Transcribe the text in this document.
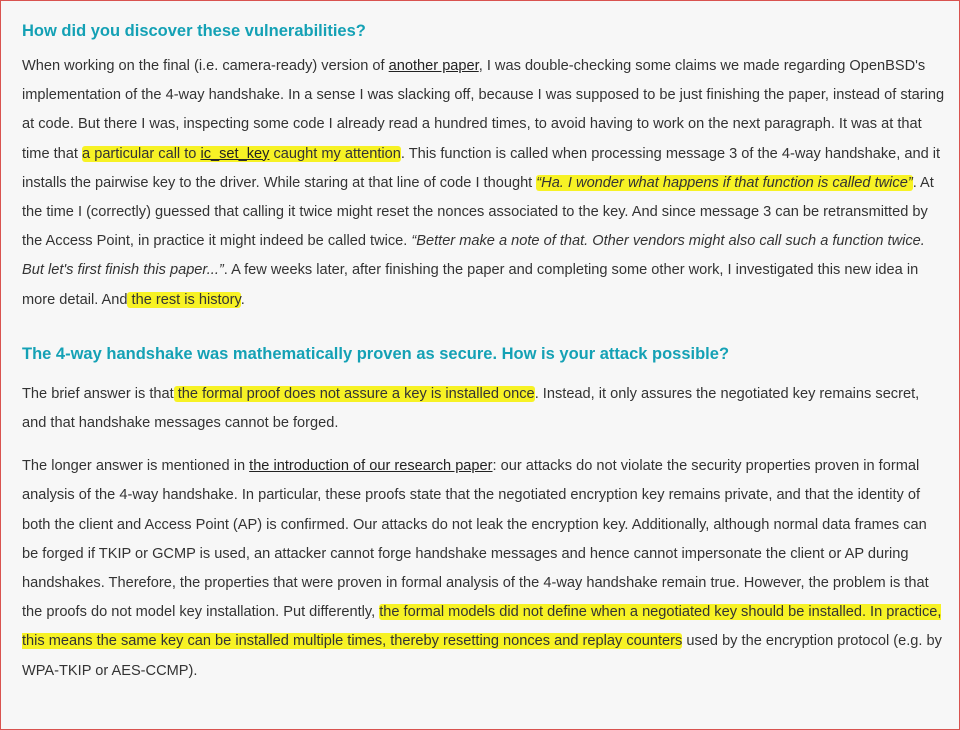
How did you discover these vulnerabilities?

When working on the final (i.e. camera-ready) version of another paper, I was double-checking some claims we made regarding OpenBSD's implementation of the 4-way handshake. In a sense I was slacking off, because I was supposed to be just finishing the paper, instead of staring at code. But there I was, inspecting some code I already read a hundred times, to avoid having to work on the next paragraph. It was at that time that a particular call to ic_set_key caught my attention. This function is called when processing message 3 of the 4-way handshake, and it installs the pairwise key to the driver. While staring at that line of code I thought “Ha. I wonder what happens if that function is called twice”. At the time I (correctly) guessed that calling it twice might reset the nonces associated to the key. And since message 3 can be retransmitted by the Access Point, in practice it might indeed be called twice. “Better make a note of that. Other vendors might also call such a function twice. But let's first finish this paper...”. A few weeks later, after finishing the paper and completing some other work, I investigated this new idea in more detail. And the rest is history.

The 4-way handshake was mathematically proven as secure. How is your attack possible?

The brief answer is that the formal proof does not assure a key is installed once. Instead, it only assures the negotiated key remains secret, and that handshake messages cannot be forged.

The longer answer is mentioned in the introduction of our research paper: our attacks do not violate the security properties proven in formal analysis of the 4-way handshake. In particular, these proofs state that the negotiated encryption key remains private, and that the identity of both the client and Access Point (AP) is confirmed. Our attacks do not leak the encryption key. Additionally, although normal data frames can be forged if TKIP or GCMP is used, an attacker cannot forge handshake messages and hence cannot impersonate the client or AP during handshakes. Therefore, the properties that were proven in formal analysis of the 4-way handshake remain true. However, the problem is that the proofs do not model key installation. Put differently, the formal models did not define when a negotiated key should be installed. In practice, this means the same key can be installed multiple times, thereby resetting nonces and replay counters used by the encryption protocol (e.g. by WPA-TKIP or AES-CCMP).
